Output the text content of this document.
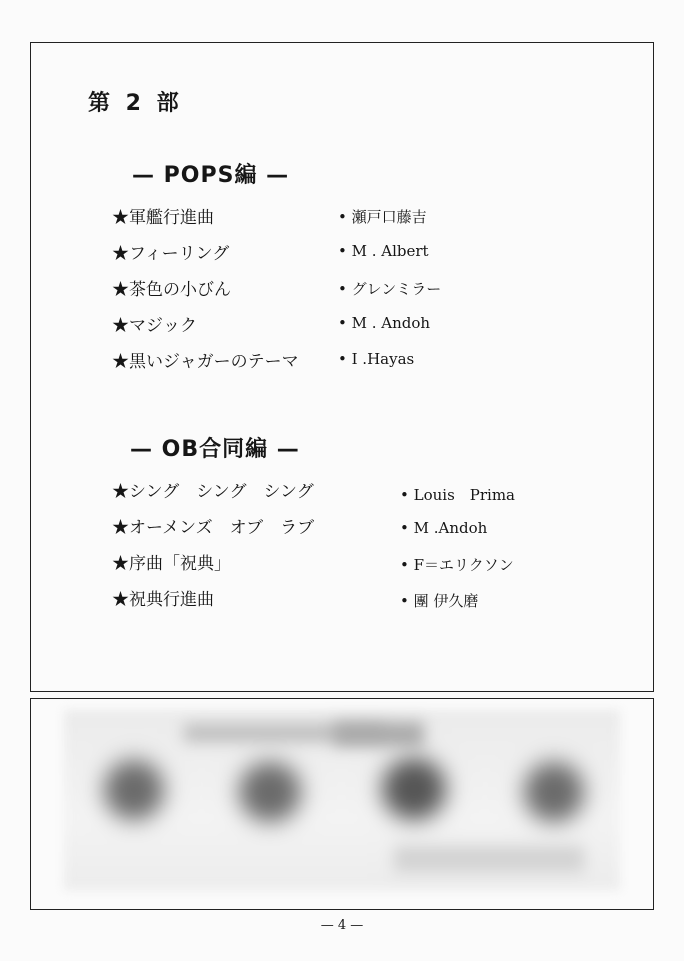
第 2 部
— POPS編 —
★軍艦行進曲	• 瀬戸口藤吉
★フィーリング	• M . Albert
★茶色の小びん	• グレンミラー
★マジック	• M . Andoh
★黒いジャガーのテーマ	• I .Hayas
— OB合同編 —
★シング　シング　シング	• Louis　Prima
★オーメンズ　オブ　ラブ	• M .Andoh
★序曲「祝典」	• F＝エリクソン
★祝典行進曲	• 團 伊久磨
— 4 —
